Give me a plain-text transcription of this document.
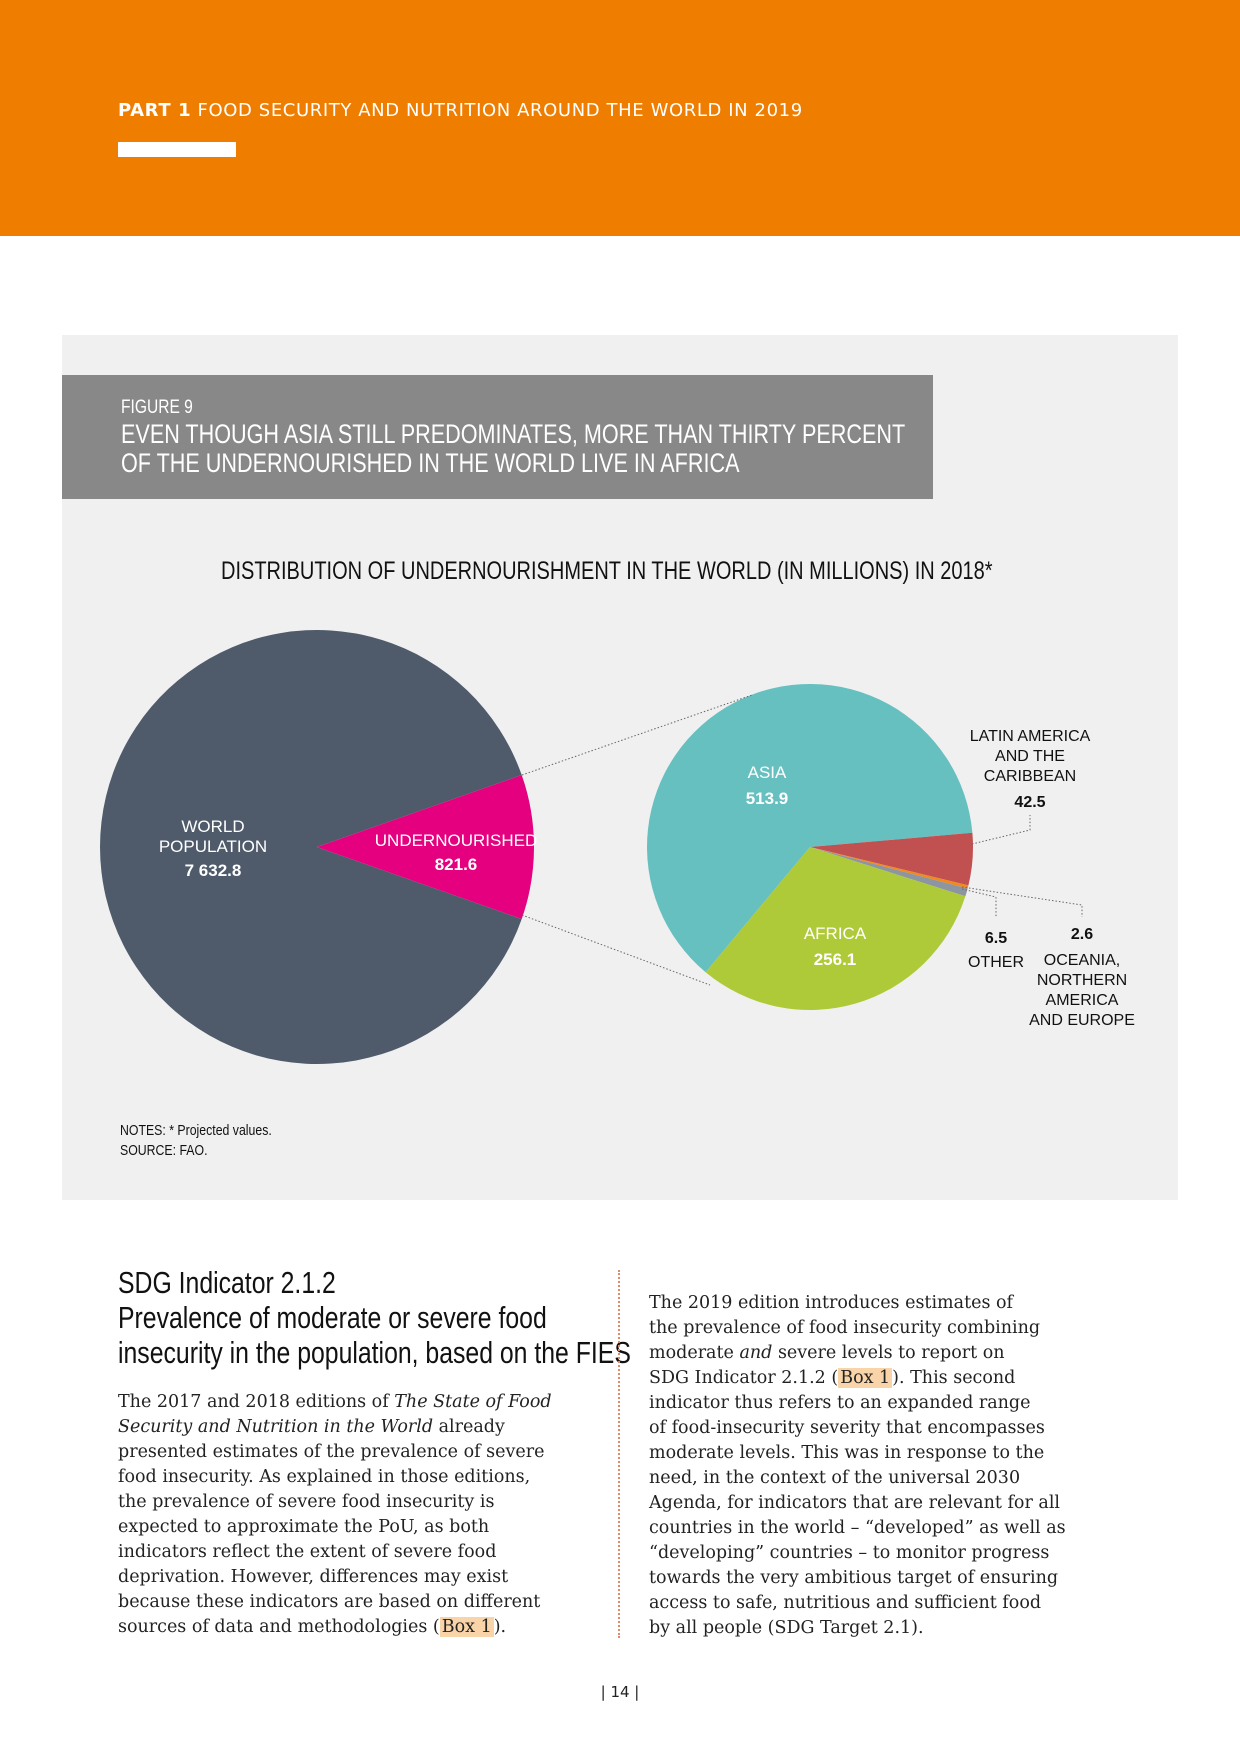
PART 1 FOOD SECURITY AND NUTRITION AROUND THE WORLD IN 2019
FIGURE 9
EVEN THOUGH ASIA STILL PREDOMINATES, MORE THAN THIRTY PERCENT
OF THE UNDERNOURISHED IN THE WORLD LIVE IN AFRICA
DISTRIBUTION OF UNDERNOURISHMENT IN THE WORLD (IN MILLIONS) IN 2018*
WORLD
POPULATION
7 632.8
UNDERNOURISHED
821.6
ASIA
513.9
AFRICA
256.1
LATIN AMERICA
AND THE
CARIBBEAN
42.5
6.5
OTHER
2.6
OCEANIA,
NORTHERN
AMERICA
AND EUROPE
NOTES: * Projected values.
SOURCE: FAO.
SDG Indicator 2.1.2
Prevalence of moderate or severe food
insecurity in the population, based on the FIES
The 2017 and 2018 editions of The State of Food
Security and Nutrition in the World already
presented estimates of the prevalence of severe
food insecurity. As explained in those editions,
the prevalence of severe food insecurity is
expected to approximate the PoU, as both
indicators reflect the extent of severe food
deprivation. However, differences may exist
because these indicators are based on different
sources of data and methodologies ( Box 1 ).
The 2019 edition introduces estimates of
the prevalence of food insecurity combining
moderate and severe levels to report on
SDG Indicator 2.1.2 ( Box 1 ). This second
indicator thus refers to an expanded range
of food-insecurity severity that encompasses
moderate levels. This was in response to the
need, in the context of the universal 2030
Agenda, for indicators that are relevant for all
countries in the world – “developed” as well as
“developing” countries – to monitor progress
towards the very ambitious target of ensuring
access to safe, nutritious and sufficient food
by all people (SDG Target 2.1).
| 14 |
